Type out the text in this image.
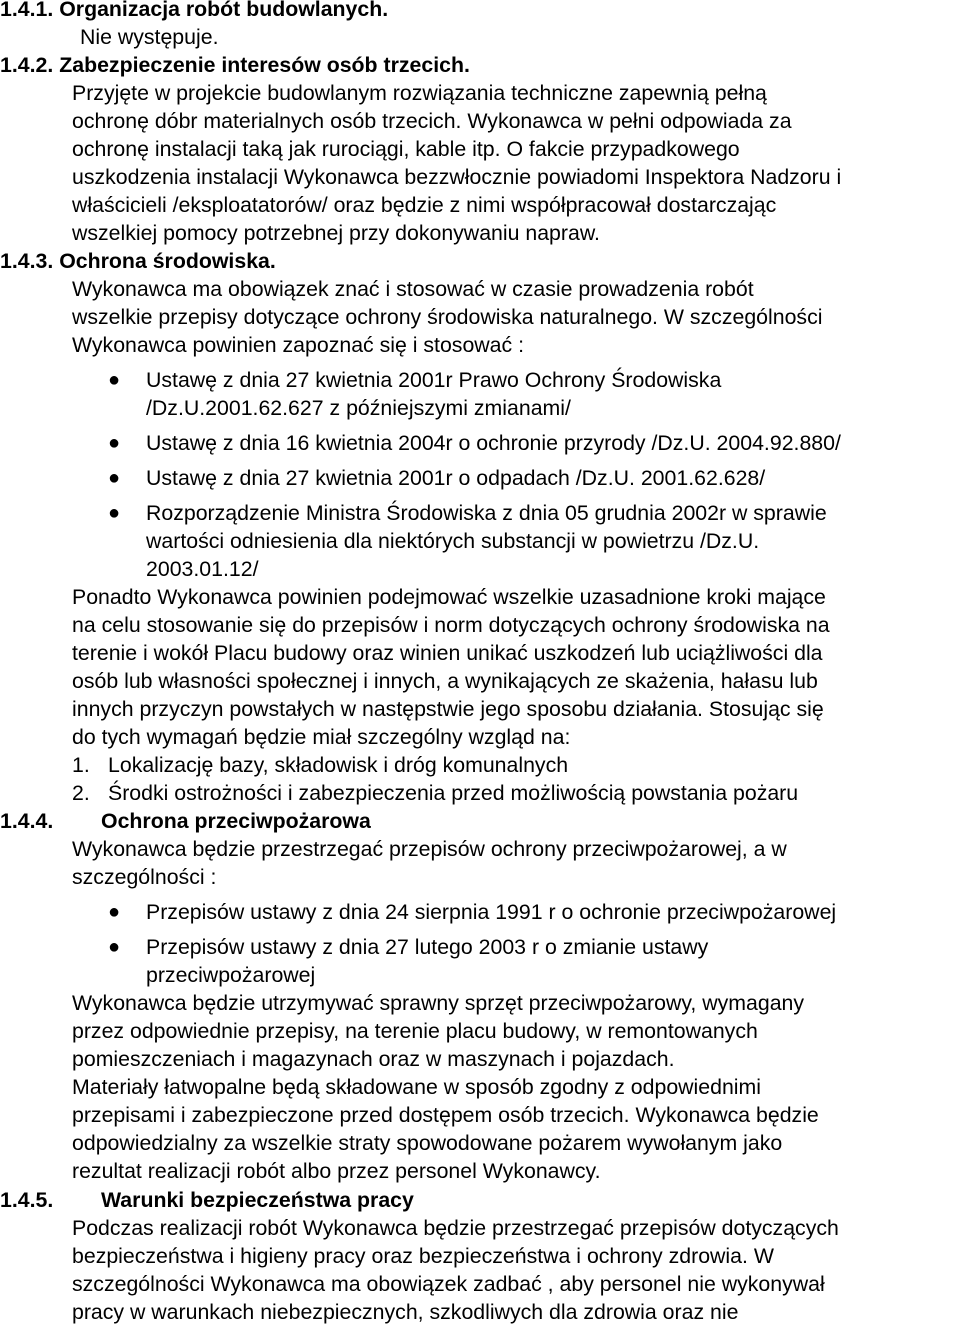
1.4.1. Organizacja robót budowlanych.
Nie występuje.
1.4.2. Zabezpieczenie interesów osób trzecich.
Przyjęte w projekcie budowlanym rozwiązania techniczne zapewnią pełną
ochronę dóbr materialnych osób trzecich. Wykonawca w pełni odpowiada za
ochronę instalacji taką jak rurociągi, kable itp. O fakcie przypadkowego
uszkodzenia instalacji Wykonawca bezzwłocznie powiadomi Inspektora Nadzoru i
właścicieli /eksploatatorów/ oraz będzie z nimi współpracował dostarczając
wszelkiej pomocy potrzebnej przy dokonywaniu napraw.
1.4.3. Ochrona środowiska.
Wykonawca ma obowiązek znać i stosować w czasie prowadzenia robót
wszelkie przepisy dotyczące ochrony środowiska naturalnego. W szczególności
Wykonawca powinien zapoznać się i stosować :
● Ustawę z dnia 27 kwietnia 2001r Prawo Ochrony Środowiska
/Dz.U.2001.62.627 z późniejszymi zmianami/
● Ustawę z dnia 16 kwietnia 2004r o ochronie przyrody /Dz.U. 2004.92.880/
● Ustawę z dnia 27 kwietnia 2001r o odpadach /Dz.U. 2001.62.628/
● Rozporządzenie Ministra Środowiska z dnia 05 grudnia 2002r w sprawie
wartości odniesienia dla niektórych substancji w powietrzu /Dz.U.
2003.01.12/
Ponadto Wykonawca powinien podejmować wszelkie uzasadnione kroki mające
na celu stosowanie się do przepisów i norm dotyczących ochrony środowiska na
terenie i wokół Placu budowy oraz winien unikać uszkodzeń lub uciążliwości dla
osób lub własności społecznej i innych, a wynikających ze skażenia, hałasu lub
innych przyczyn powstałych w następstwie jego sposobu działania. Stosując się
do tych wymagań będzie miał szczególny wzgląd na:
1. Lokalizację bazy, składowisk i dróg komunalnych
2. Środki ostrożności i zabezpieczenia przed możliwością powstania pożaru
1.4.4. Ochrona przeciwpożarowa
Wykonawca będzie przestrzegać przepisów ochrony przeciwpożarowej, a w
szczególności :
● Przepisów ustawy z dnia 24 sierpnia 1991 r o ochronie przeciwpożarowej
● Przepisów ustawy z dnia 27 lutego 2003 r o zmianie ustawy
przeciwpożarowej
Wykonawca będzie utrzymywać sprawny sprzęt przeciwpożarowy, wymagany
przez odpowiednie przepisy, na terenie placu budowy, w remontowanych
pomieszczeniach i magazynach oraz w maszynach i pojazdach.
Materiały łatwopalne będą składowane w sposób zgodny z odpowiednimi
przepisami i zabezpieczone przed dostępem osób trzecich. Wykonawca będzie
odpowiedzialny za wszelkie straty spowodowane pożarem wywołanym jako
rezultat realizacji robót albo przez personel Wykonawcy.
1.4.5. Warunki bezpieczeństwa pracy
Podczas realizacji robót Wykonawca będzie przestrzegać przepisów dotyczących
bezpieczeństwa i higieny pracy oraz bezpieczeństwa i ochrony zdrowia. W
szczególności Wykonawca ma obowiązek zadbać , aby personel nie wykonywał
pracy w warunkach niebezpiecznych, szkodliwych dla zdrowia oraz nie
